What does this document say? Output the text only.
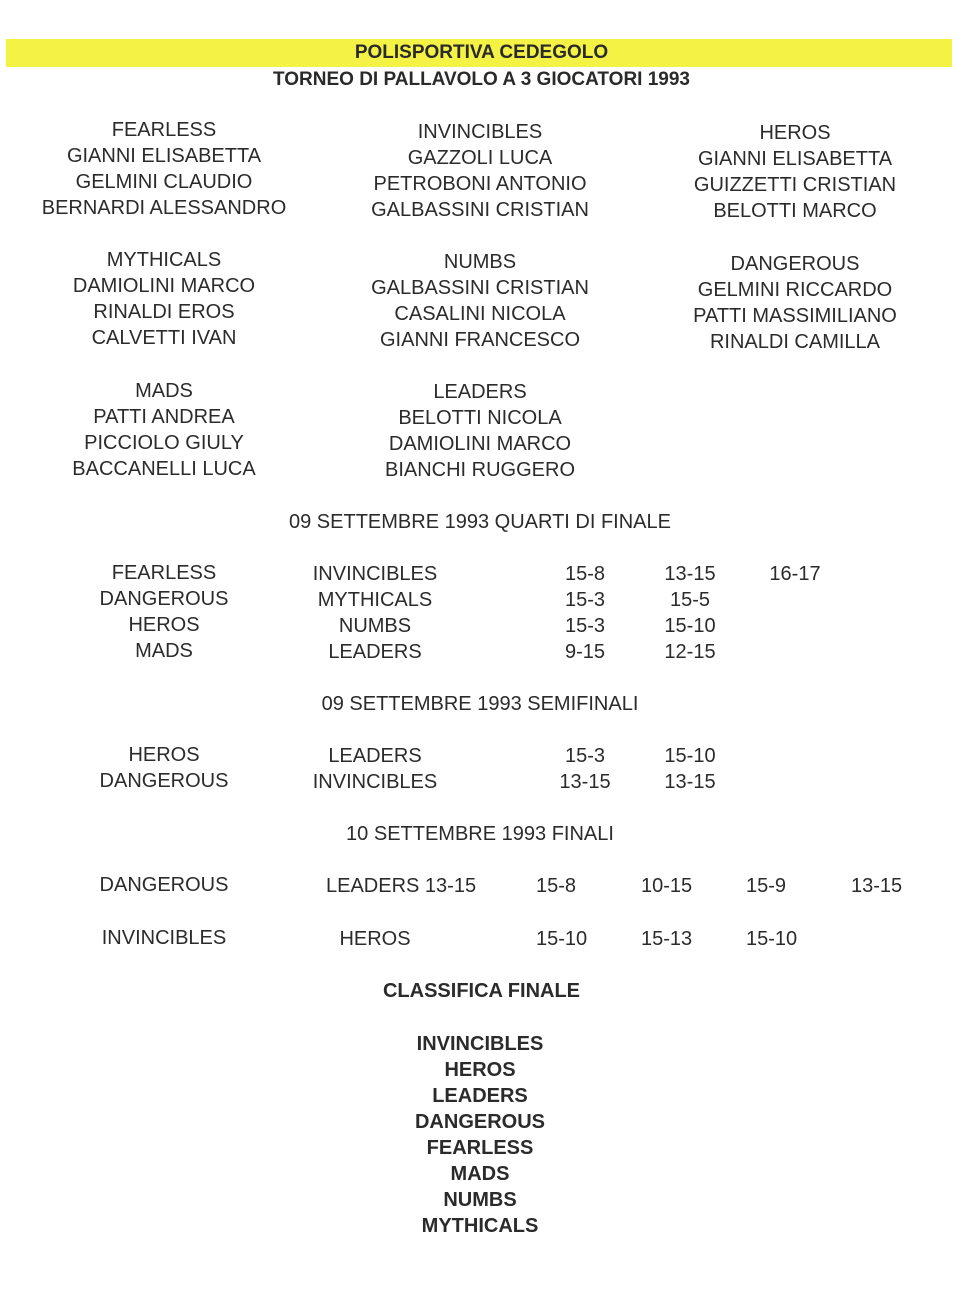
POLISPORTIVA CEDEGOLO
TORNEO DI PALLAVOLO A 3 GIOCATORI 1993
FEARLESS
GIANNI ELISABETTA
GELMINI CLAUDIO
BERNARDI ALESSANDRO
INVINCIBLES
GAZZOLI LUCA
PETROBONI ANTONIO
GALBASSINI CRISTIAN
HEROS
GIANNI ELISABETTA
GUIZZETTI CRISTIAN
BELOTTI MARCO
MYTHICALS
DAMIOLINI MARCO
RINALDI EROS
CALVETTI IVAN
NUMBS
GALBASSINI CRISTIAN
CASALINI NICOLA
GIANNI FRANCESCO
DANGEROUS
GELMINI RICCARDO
PATTI MASSIMILIANO
RINALDI CAMILLA
MADS
PATTI ANDREA
PICCIOLO GIULY
BACCANELLI LUCA
LEADERS
BELOTTI NICOLA
DAMIOLINI MARCO
BIANCHI RUGGERO
09 SETTEMBRE 1993 QUARTI DI FINALE
FEARLESS	INVINCIBLES	15-8	13-15	16-17
DANGEROUS	MYTHICALS	15-3	15-5
HEROS	NUMBS	15-3	15-10
MADS	LEADERS	9-15	12-15
09 SETTEMBRE 1993 SEMIFINALI
HEROS	LEADERS	15-3	15-10
DANGEROUS	INVINCIBLES	13-15	13-15
10 SETTEMBRE 1993 FINALI
DANGEROUS	LEADERS 13-15	15-8	10-15	15-9	13-15
INVINCIBLES	HEROS	15-10	15-13	15-10
CLASSIFICA FINALE
INVINCIBLES
HEROS
LEADERS
DANGEROUS
FEARLESS
MADS
NUMBS
MYTHICALS
